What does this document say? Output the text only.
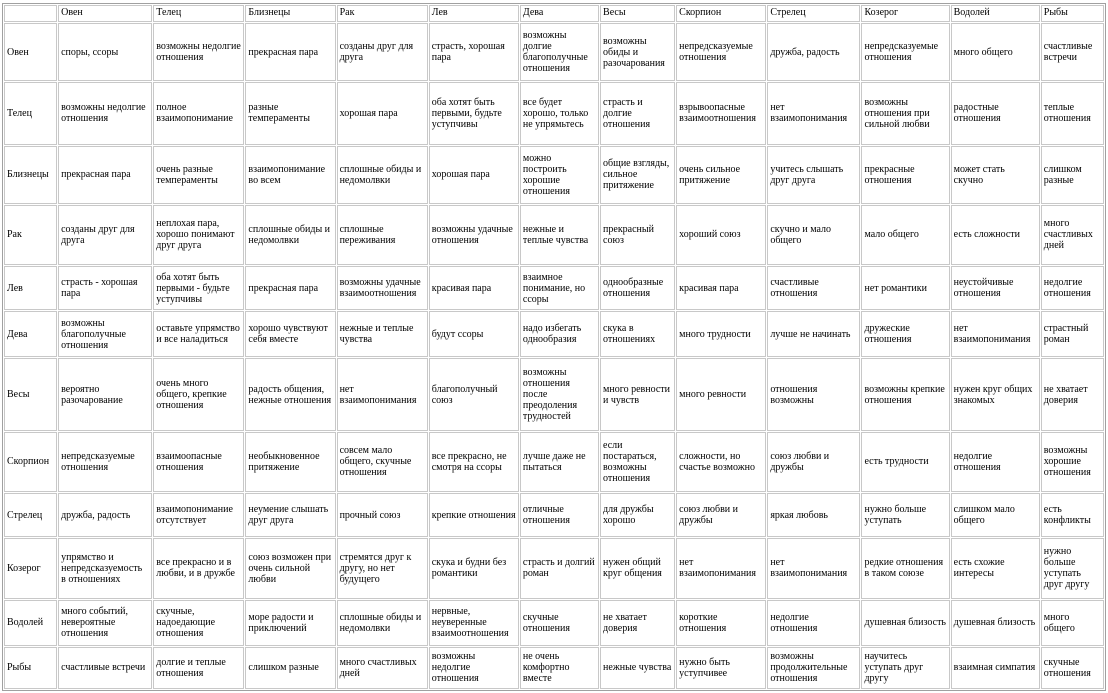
	Овен	Телец	Близнецы	Рак	Лев	Дева	Весы	Скорпион	Стрелец	Козерог	Водолей	Рыбы
Овен	споры, ссоры	возможны недолгие отношения	прекрасная пара	созданы друг для друга	страсть, хорошая пара	возможны долгие благополучные отношения	возможны обиды и разочарования	непредсказуемые отношения	дружба, радость	непредсказуемые отношения	много общего	счастливые встречи
Телец	возможны недолгие отношения	полное взаимопонимание	разные темпераменты	хорошая пара	оба хотят быть первыми, будьте уступчивы	все будет хорошо, только не упрямьтесь	страсть и долгие отношения	взрывоопасные взаимоотношения	нет взаимопонимания	возможны отношения при сильной любви	радостные отношения	теплые отношения
Близнецы	прекрасная пара	очень разные темпераменты	взаимопонимание во всем	сплошные обиды и недомолвки	хорошая пара	можно построить хорошие отношения	общие взгляды, сильное притяжение	очень сильное притяжение	учитесь слышать друг друга	прекрасные отношения	может стать скучно	слишком разные
Рак	созданы друг для друга	неплохая пара, хорошо понимают друг друга	сплошные обиды и недомолвки	сплошные переживания	возможны удачные отношения	нежные и теплые чувства	прекрасный союз	хороший союз	скучно и мало общего	мало общего	есть сложности	много счастливых дней
Лев	страсть - хорошая пара	оба хотят быть первыми - будьте уступчивы	прекрасная пара	возможны удачные взаимоотношения	красивая пара	взаимное понимание, но ссоры	однообразные отношения	красивая пара	счастливые отношения	нет романтики	неустойчивые отношения	недолгие отношения
Дева	возможны благополучные отношения	оставьте упрямство и все наладиться	хорошо чувствуют себя вместе	нежные и теплые чувства	будут ссоры	надо избегать однообразия	скука в отношениях	много трудности	лучше не начинать	дружеские отношения	нет взаимопонимания	страстный роман
Весы	вероятно разочарование	очень много общего, крепкие отношения	радость общения, нежные отношения	нет взаимопонимания	благополучный союз	возможны отношения после преодоления трудностей	много ревности и чувств	много ревности	отношения возможны	возможны крепкие отношения	нужен круг общих знакомых	не хватает доверия
Скорпион	непредсказуемые отношения	взаимоопасные отношения	необыкновенное притяжение	совсем мало общего, скучные отношения	все прекрасно, не смотря на ссоры	лучше даже не пытаться	если постараться, возможны отношения	сложности, но счастье возможно	союз любви и дружбы	есть трудности	недолгие отношения	возможны хорошие отношения
Стрелец	дружба, радость	взаимопонимание отсутствует	неумение слышать друг друга	прочный союз	крепкие отношения	отличные отношения	для дружбы хорошо	союз любви и дружбы	яркая любовь	нужно больше уступать	слишком мало общего	есть конфликты
Козерог	упрямство и непредсказуемость в отношениях	все прекрасно и в любви, и в дружбе	союз возможен при очень сильной любви	стремятся друг к другу, но нет будущего	скука и будни без романтики	страсть и долгий роман	нужен общий круг общения	нет взаимопонимания	нет взаимопонимания	редкие отношения в таком союзе	есть схожие интересы	нужно больше уступать друг другу
Водолей	много событий, невероятные отношения	скучные, надоедающие отношения	море радости и приключений	сплошные обиды и недомолвки	нервные, неуверенные взаимоотношения	скучные отношения	не хватает доверия	короткие отношения	недолгие отношения	душевная близость	душевная близость	много общего
Рыбы	счастливые встречи	долгие и теплые отношения	слишком разные	много счастливых дней	возможны недолгие отношения	не очень комфортно вместе	нежные чувства	нужно быть уступчивее	возможны продолжительные отношения	научитесь уступать друг другу	взаимная симпатия	скучные отношения
